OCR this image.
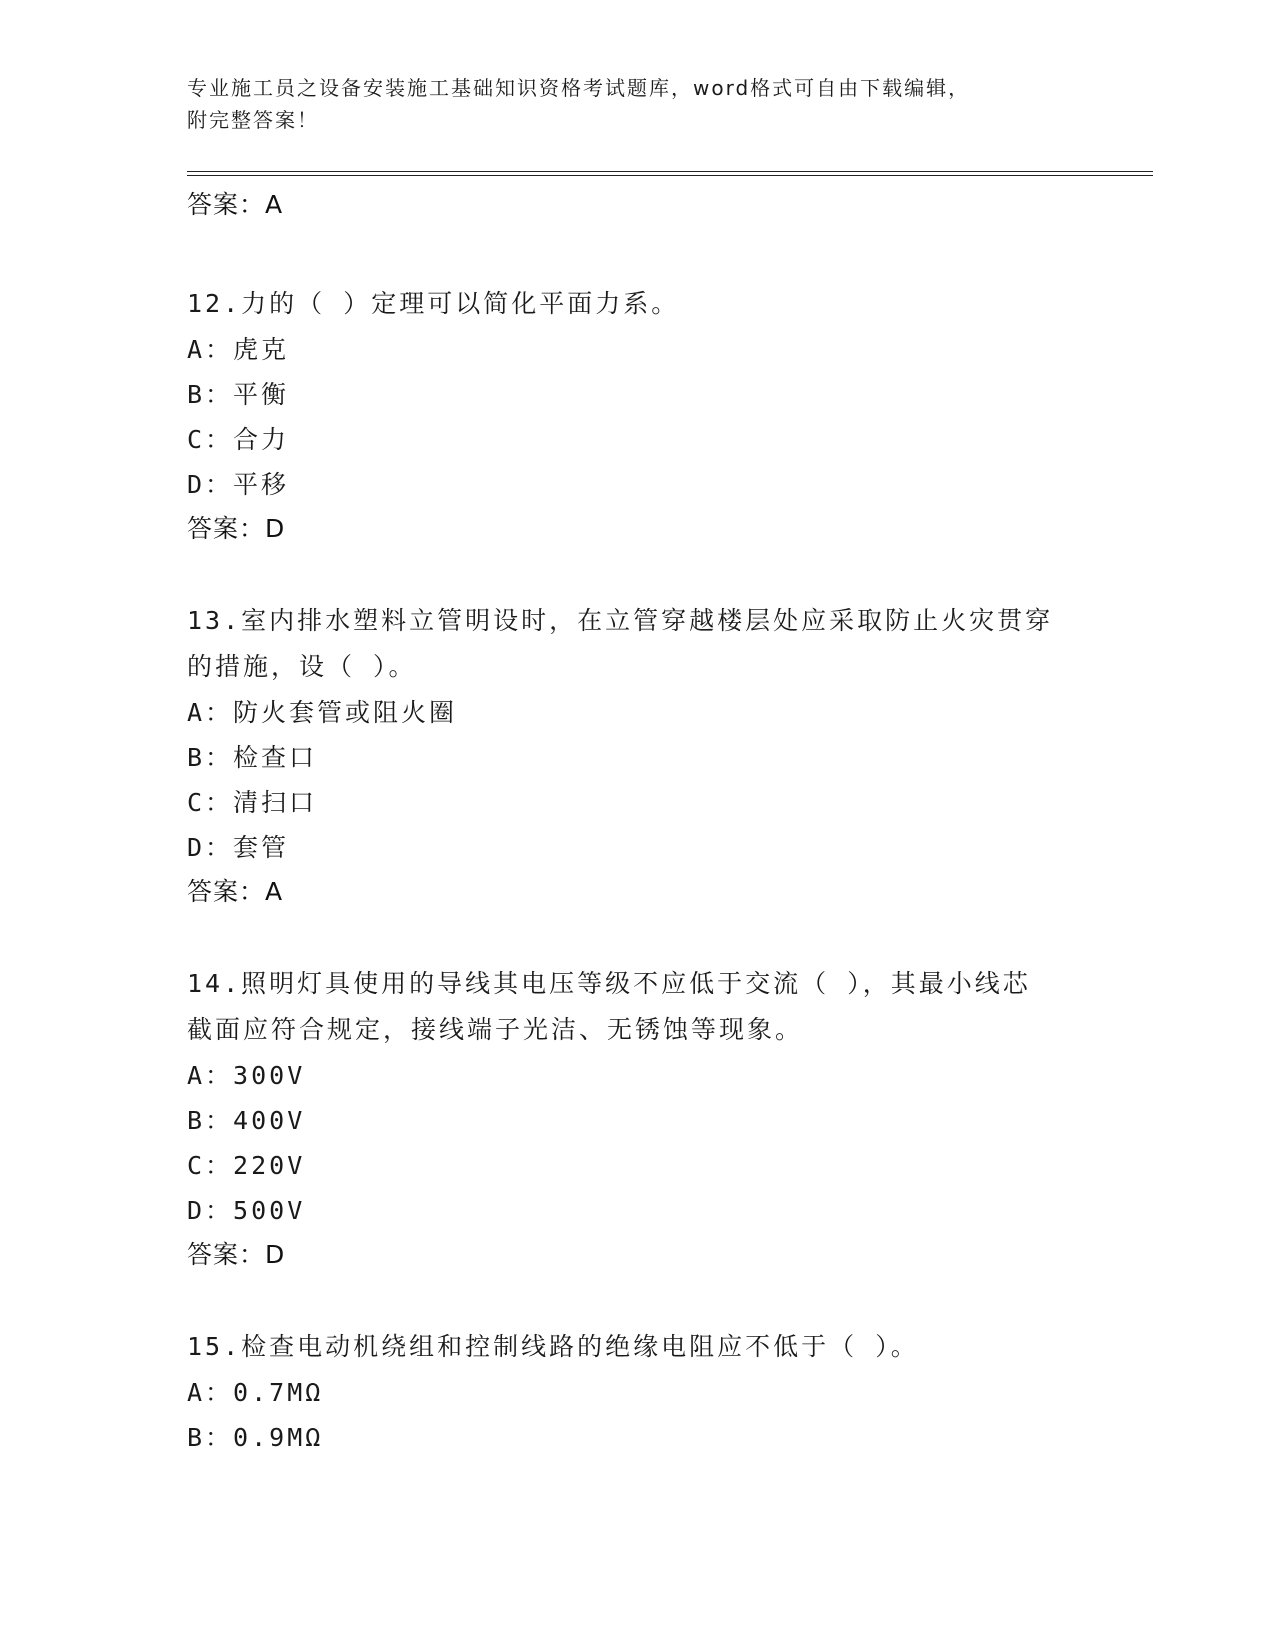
专业施工员之设备安装施工基础知识资格考试题库，word格式可自由下载编辑，
附完整答案！
答案：A

12.力的（ ）定理可以简化平面力系。

A：虎克

B：平衡

C：合力

D：平移

答案：D

13.室内排水塑料立管明设时，在立管穿越楼层处应采取防止火灾贯穿

的措施，设（ ）。

A：防火套管或阻火圈

B：检查口

C：清扫口

D：套管

答案：A

14.照明灯具使用的导线其电压等级不应低于交流（ ），其最小线芯

截面应符合规定，接线端子光洁、无锈蚀等现象。

A：300V

B：400V

C：220V

D：500V

答案：D

15.检查电动机绕组和控制线路的绝缘电阻应不低于（ ）。

A：0.7MΩ

B：0.9MΩ
